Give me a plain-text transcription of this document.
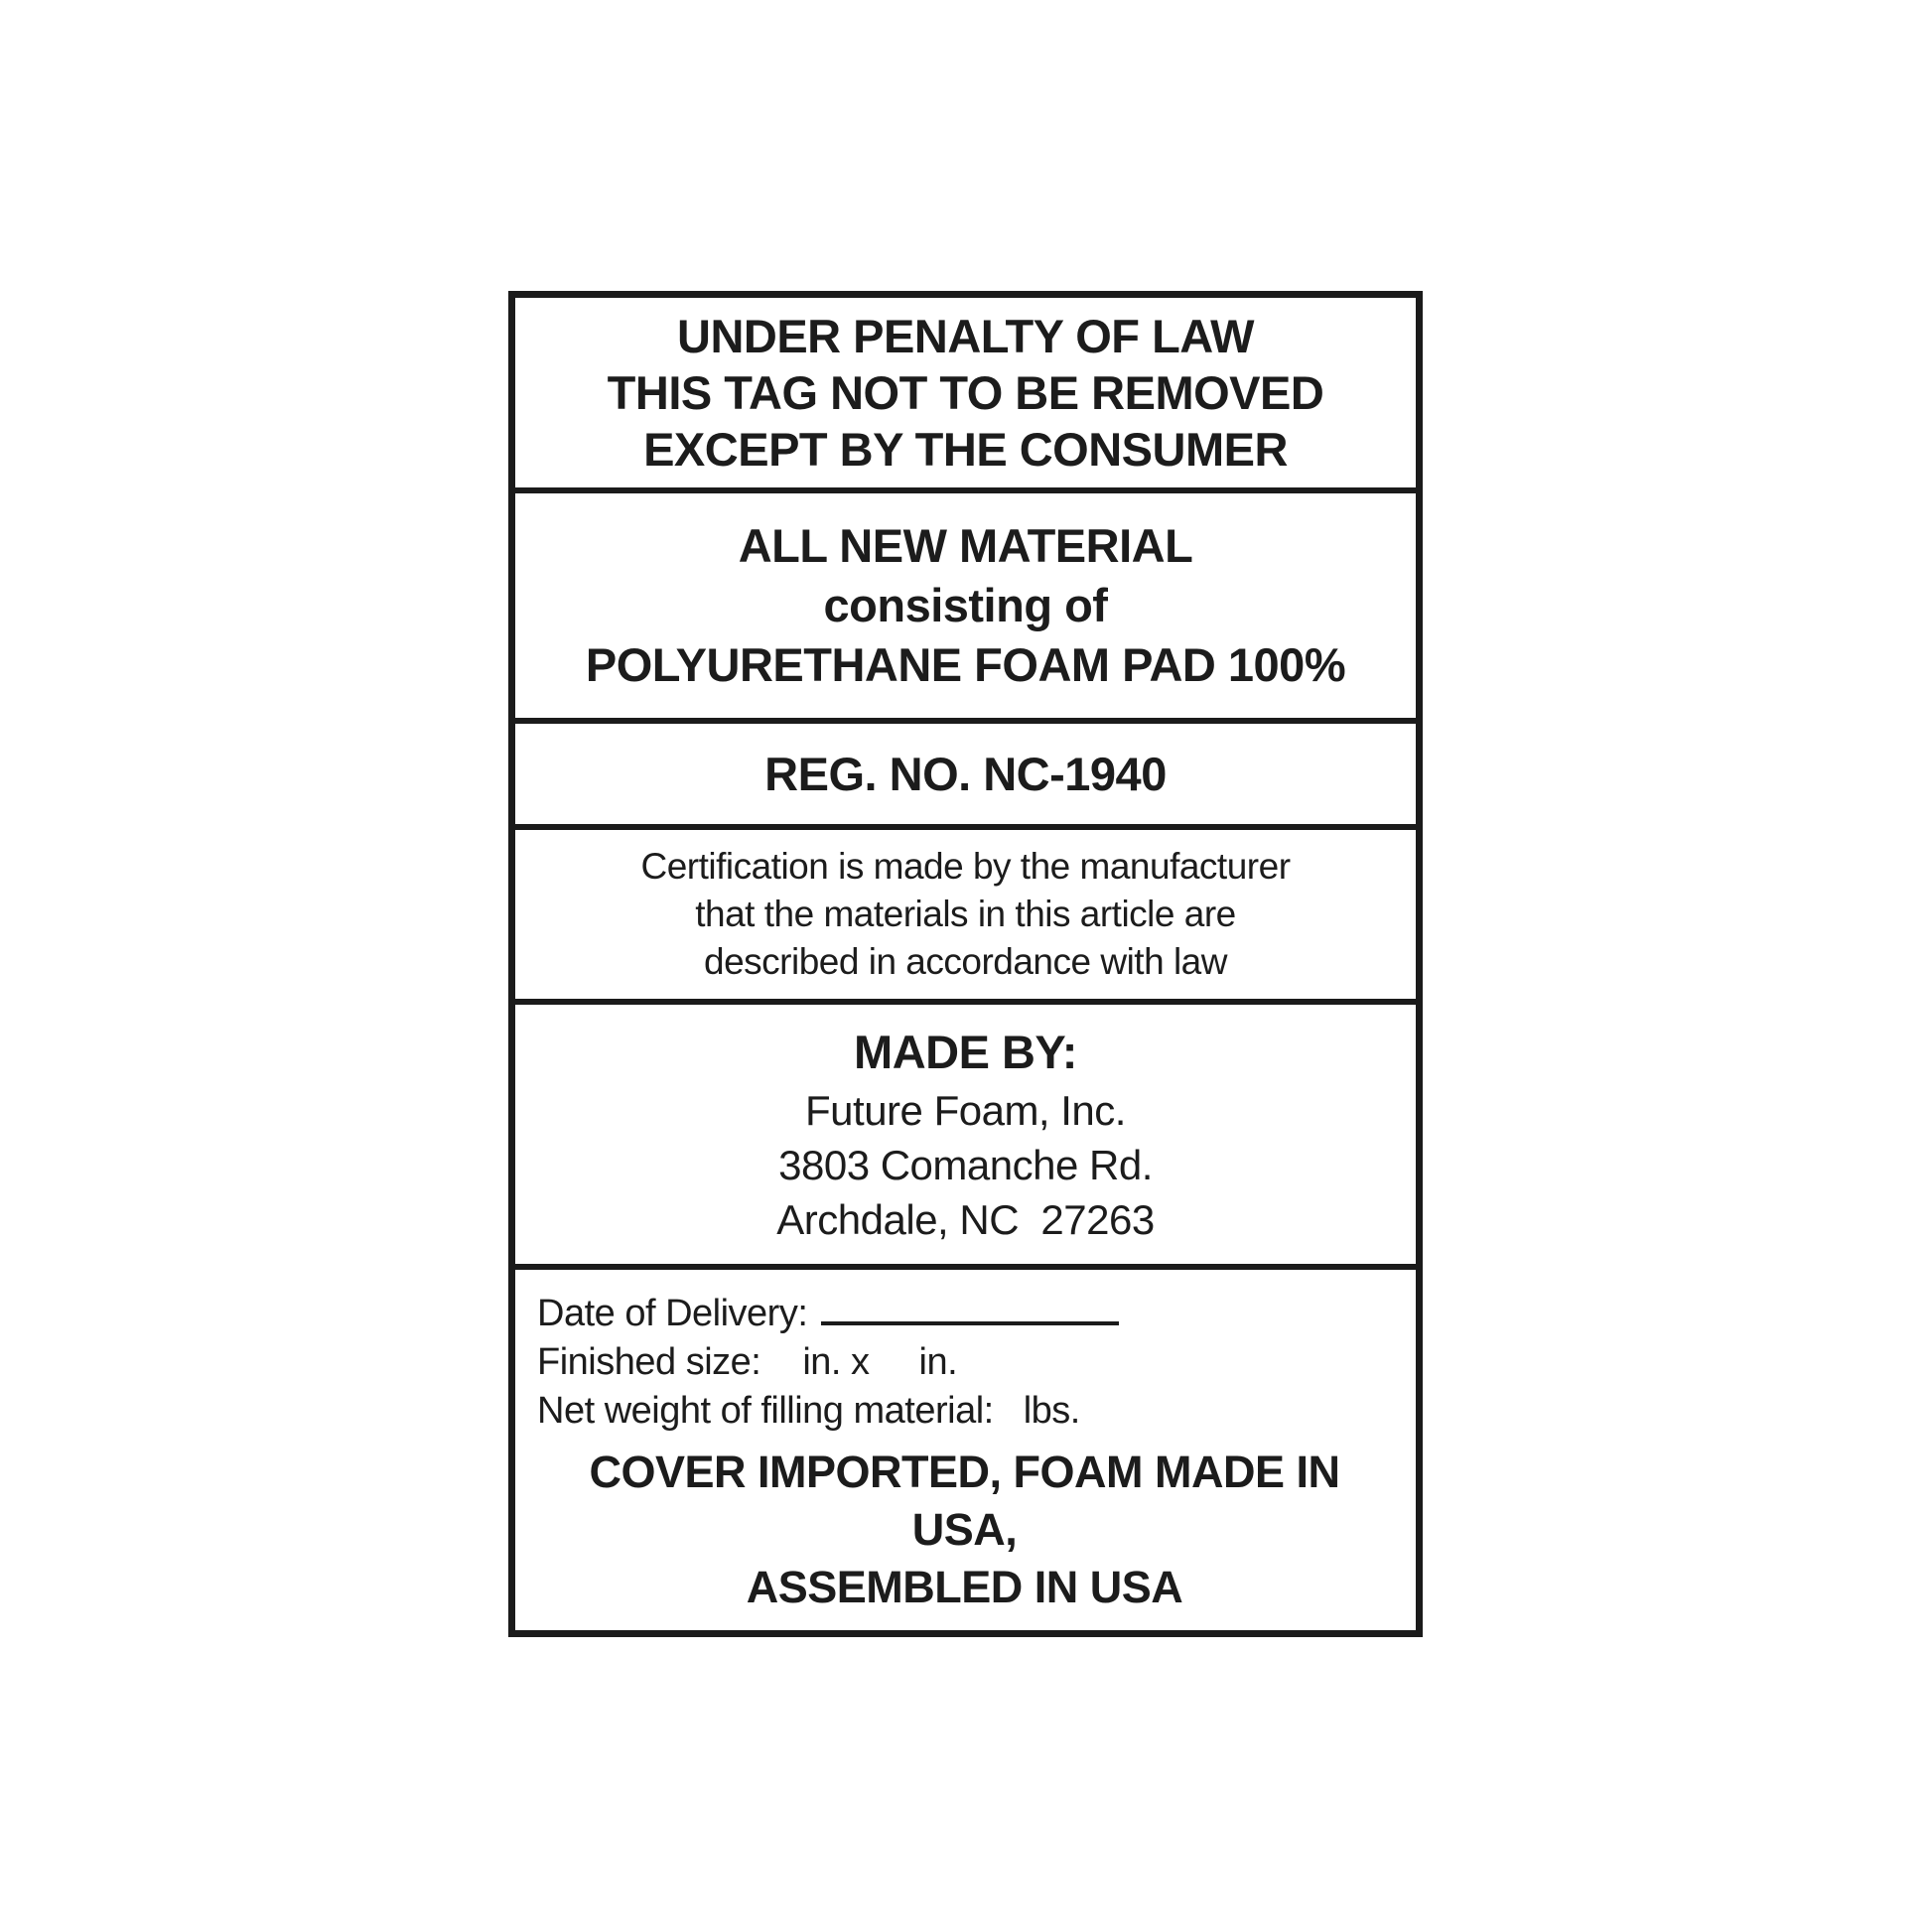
UNDER PENALTY OF LAW
THIS TAG NOT TO BE REMOVED
EXCEPT BY THE CONSUMER
ALL NEW MATERIAL
consisting of
POLYURETHANE FOAM PAD 100%
REG. NO. NC-1940
Certification is made by the manufacturer
that the materials in this article are
described in accordance with law
MADE BY:
Future Foam, Inc.
3803 Comanche Rd.
Archdale, NC  27263
Date of Delivery:
Finished size: in. x in.
Net weight of filling material: lbs.
COVER IMPORTED, FOAM MADE IN USA,
ASSEMBLED IN USA
